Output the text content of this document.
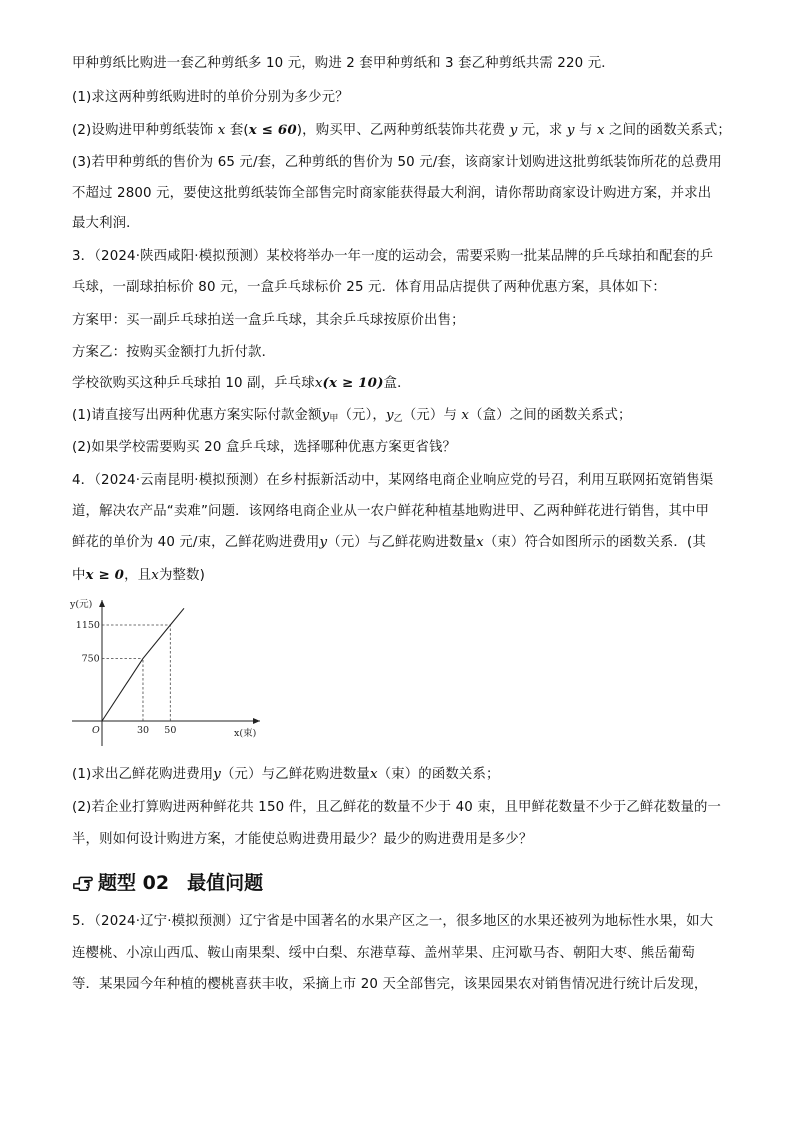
甲种剪纸比购进一套乙种剪纸多 10 元，购进 2 套甲种剪纸和 3 套乙种剪纸共需 220 元．
(1)求这两种剪纸购进时的单价分别为多少元？
(2)设购进甲种剪纸装饰 x 套(x ≤ 60)，购买甲、乙两种剪纸装饰共花费 y 元，求 y 与 x 之间的函数关系式；
(3)若甲种剪纸的售价为 65 元/套，乙种剪纸的售价为 50 元/套，该商家计划购进这批剪纸装饰所花的总费用
不超过 2800 元，要使这批剪纸装饰全部售完时商家能获得最大利润，请你帮助商家设计购进方案，并求出
最大利润．
3．（2024·陕西咸阳·模拟预测）某校将举办一年一度的运动会，需要采购一批某品牌的乒乓球拍和配套的乒
乓球，一副球拍标价 80 元，一盒乒乓球标价 25 元．体育用品店提供了两种优惠方案，具体如下：
方案甲：买一副乒乓球拍送一盒乒乓球，其余乒乓球按原价出售；
方案乙：按购买金额打九折付款．
学校欲购买这种乒乓球拍 10 副，乒乓球x(x ≥ 10)盒．
(1)请直接写出两种优惠方案实际付款金额$y_甲$（元），$y_乙$（元）与 x（盒）之间的函数关系式；
(2)如果学校需要购买 20 盒乒乓球，选择哪种优惠方案更省钱？
4．（2024·云南昆明·模拟预测）在乡村振新活动中，某网络电商企业响应党的号召，利用互联网拓宽销售渠
道，解决农产品“卖难”问题．该网络电商企业从一农户鲜花种植基地购进甲、乙两种鲜花进行销售，其中甲
鲜花的单价为 40 元/束，乙鲜花购进费用y（元）与乙鲜花购进数量x（束）符合如图所示的函数关系．(其
中x ≥ 0，且x为整数)
30 50
750
1150
O
y(元)
x(束)
(1)求出乙鲜花购进费用y（元）与乙鲜花购进数量x（束）的函数关系；
(2)若企业打算购进两种鲜花共 150 件，且乙鲜花的数量不少于 40 束，且甲鲜花数量不少于乙鲜花数量的一
半，则如何设计购进方案，才能使总购进费用最少？最少的购进费用是多少？
题型 02 最值问题
5．（2024·辽宁·模拟预测）辽宁省是中国著名的水果产区之一，很多地区的水果还被列为地标性水果，如大
连樱桃、小凉山西瓜、鞍山南果梨、绥中白梨、东港草莓、盖州苹果、庄河歇马杏、朝阳大枣、熊岳葡萄
等．某果园今年种植的樱桃喜获丰收，采摘上市 20 天全部售完，该果园果农对销售情况进行统计后发现，
